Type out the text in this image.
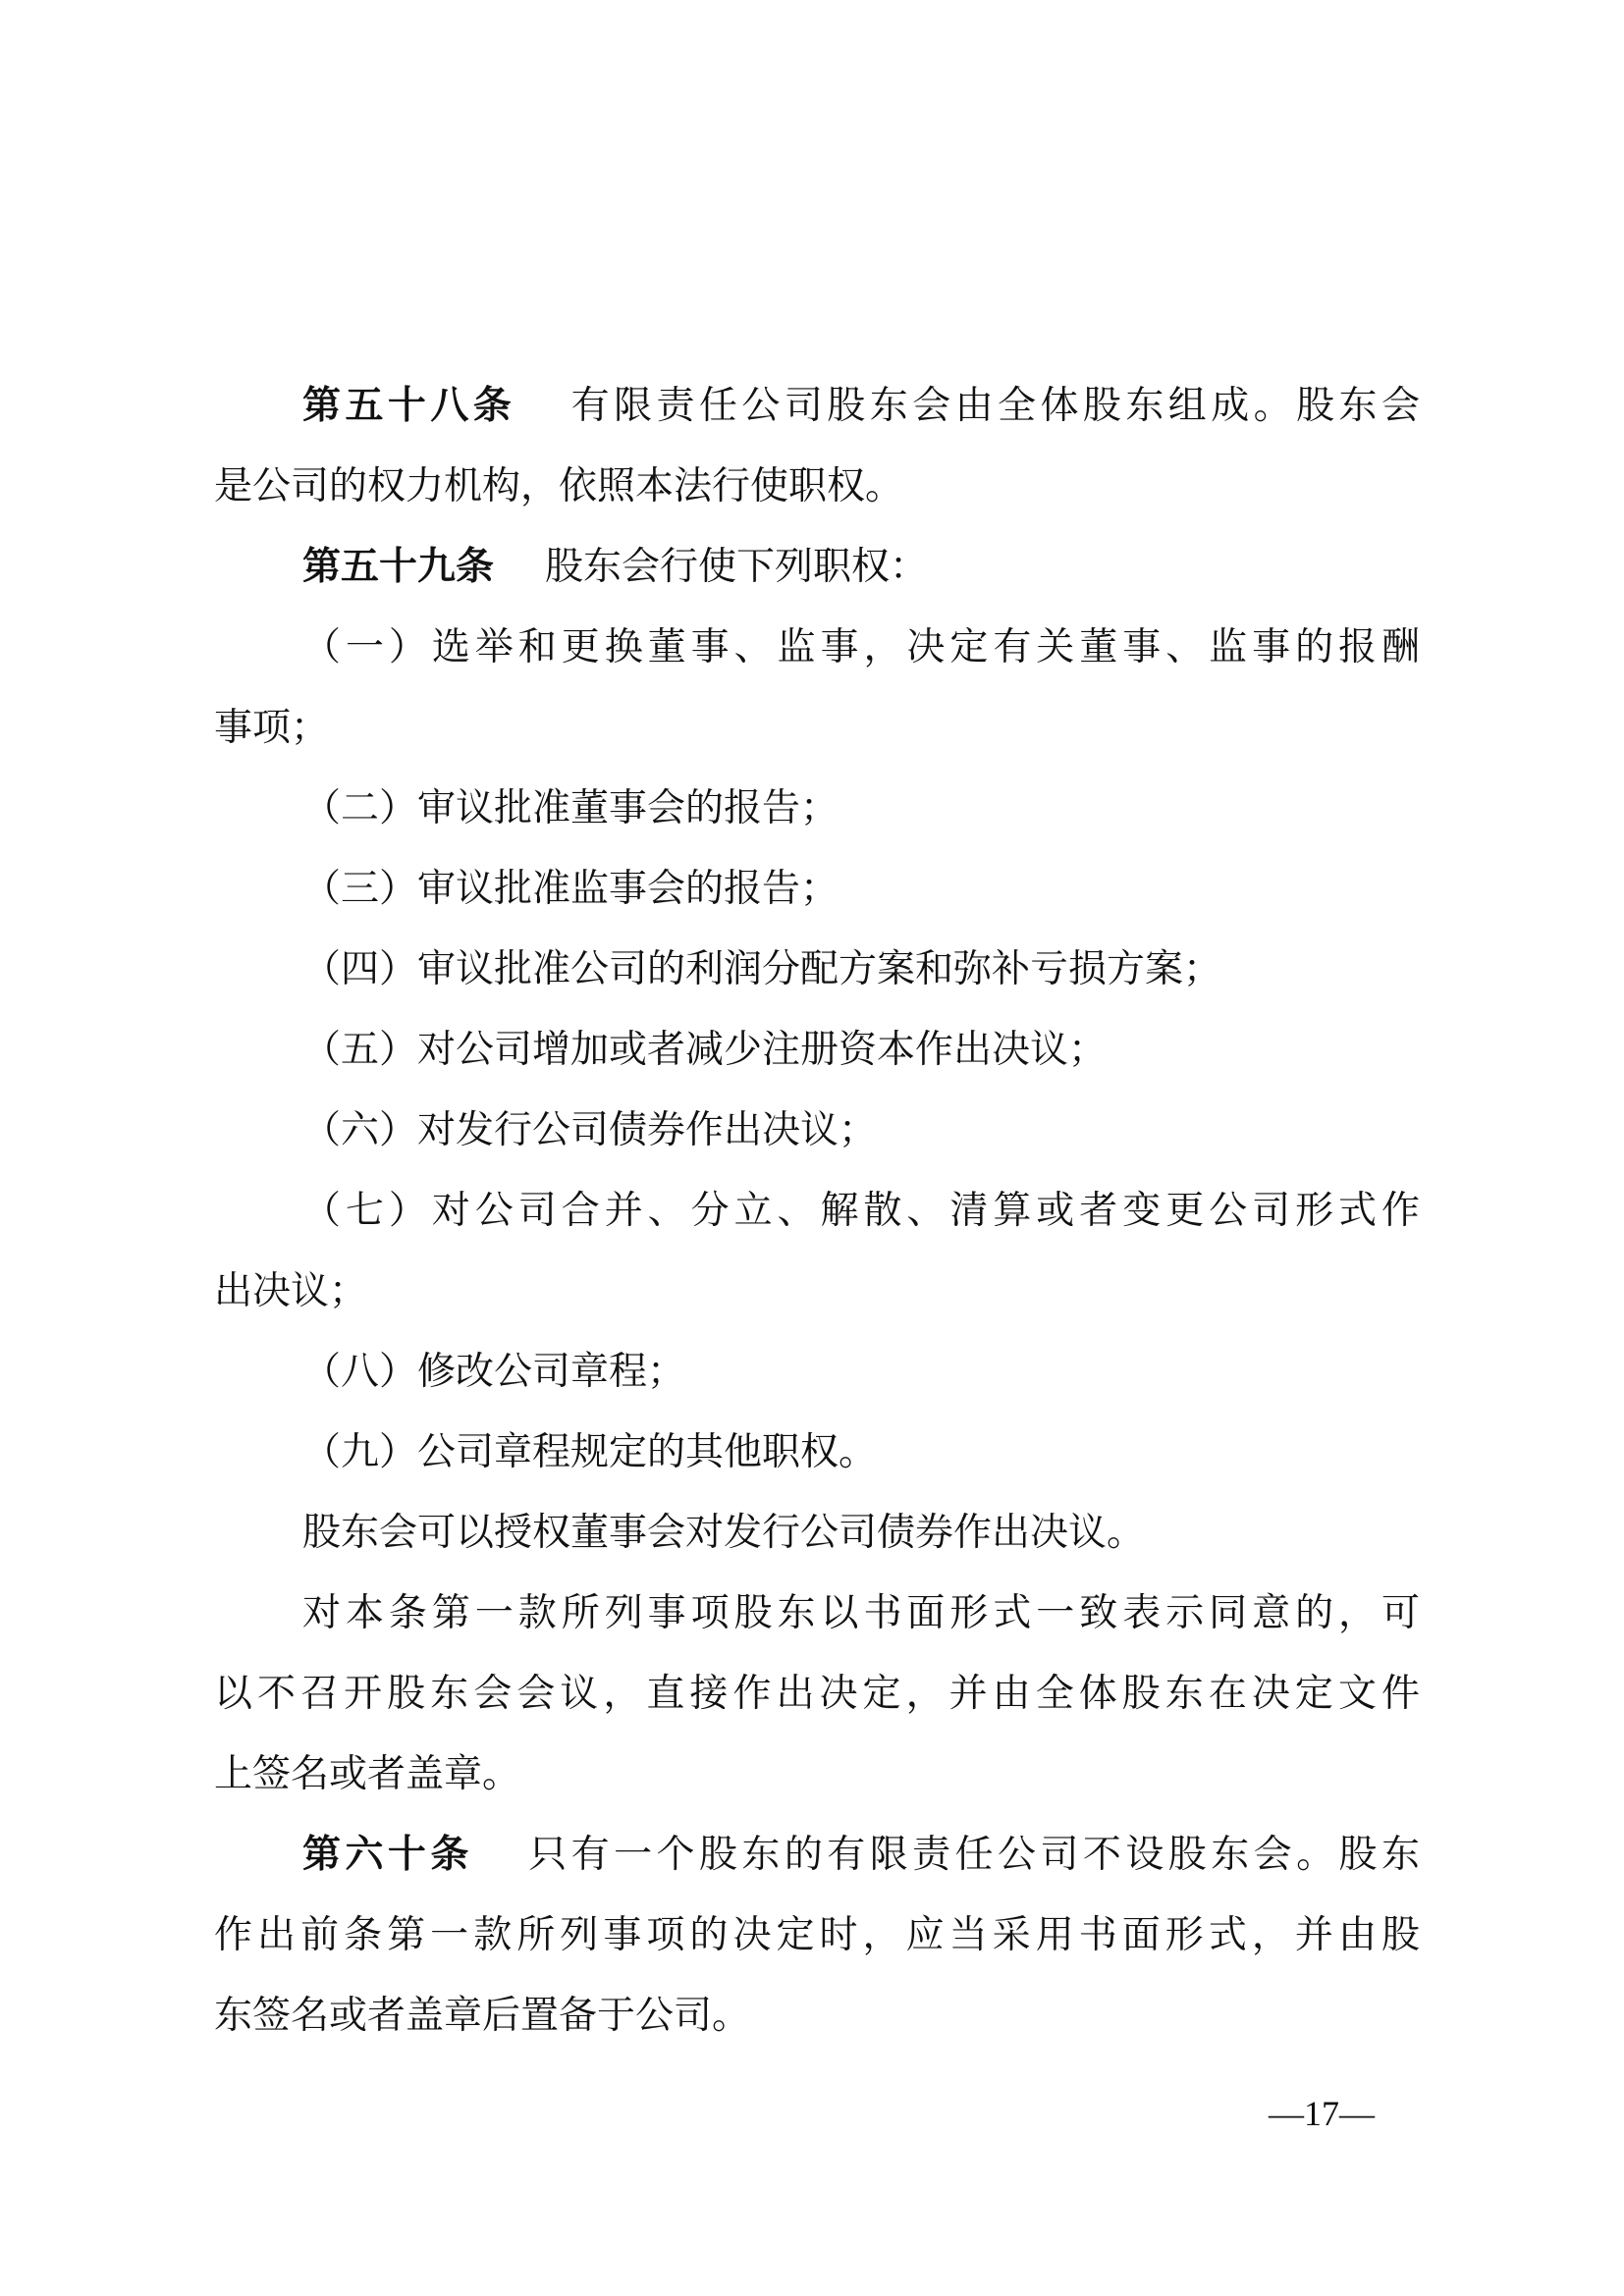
第五十八条 有限责任公司股东会由全体股东组成。股东会
是公司的权力机构，依照本法行使职权。
第五十九条 股东会行使下列职权：
（一）选举和更换董事、监事，决定有关董事、监事的报酬
事项；
（二）审议批准董事会的报告；
（三）审议批准监事会的报告；
（四）审议批准公司的利润分配方案和弥补亏损方案；
（五）对公司增加或者减少注册资本作出决议；
（六）对发行公司债券作出决议；
（七）对公司合并、分立、解散、清算或者变更公司形式作
出决议；
（八）修改公司章程；
（九）公司章程规定的其他职权。
股东会可以授权董事会对发行公司债券作出决议。
对本条第一款所列事项股东以书面形式一致表示同意的，可
以不召开股东会会议，直接作出决定，并由全体股东在决定文件
上签名或者盖章。
第六十条 只有一个股东的有限责任公司不设股东会。股东
作出前条第一款所列事项的决定时，应当采用书面形式，并由股
东签名或者盖章后置备于公司。
—17—
